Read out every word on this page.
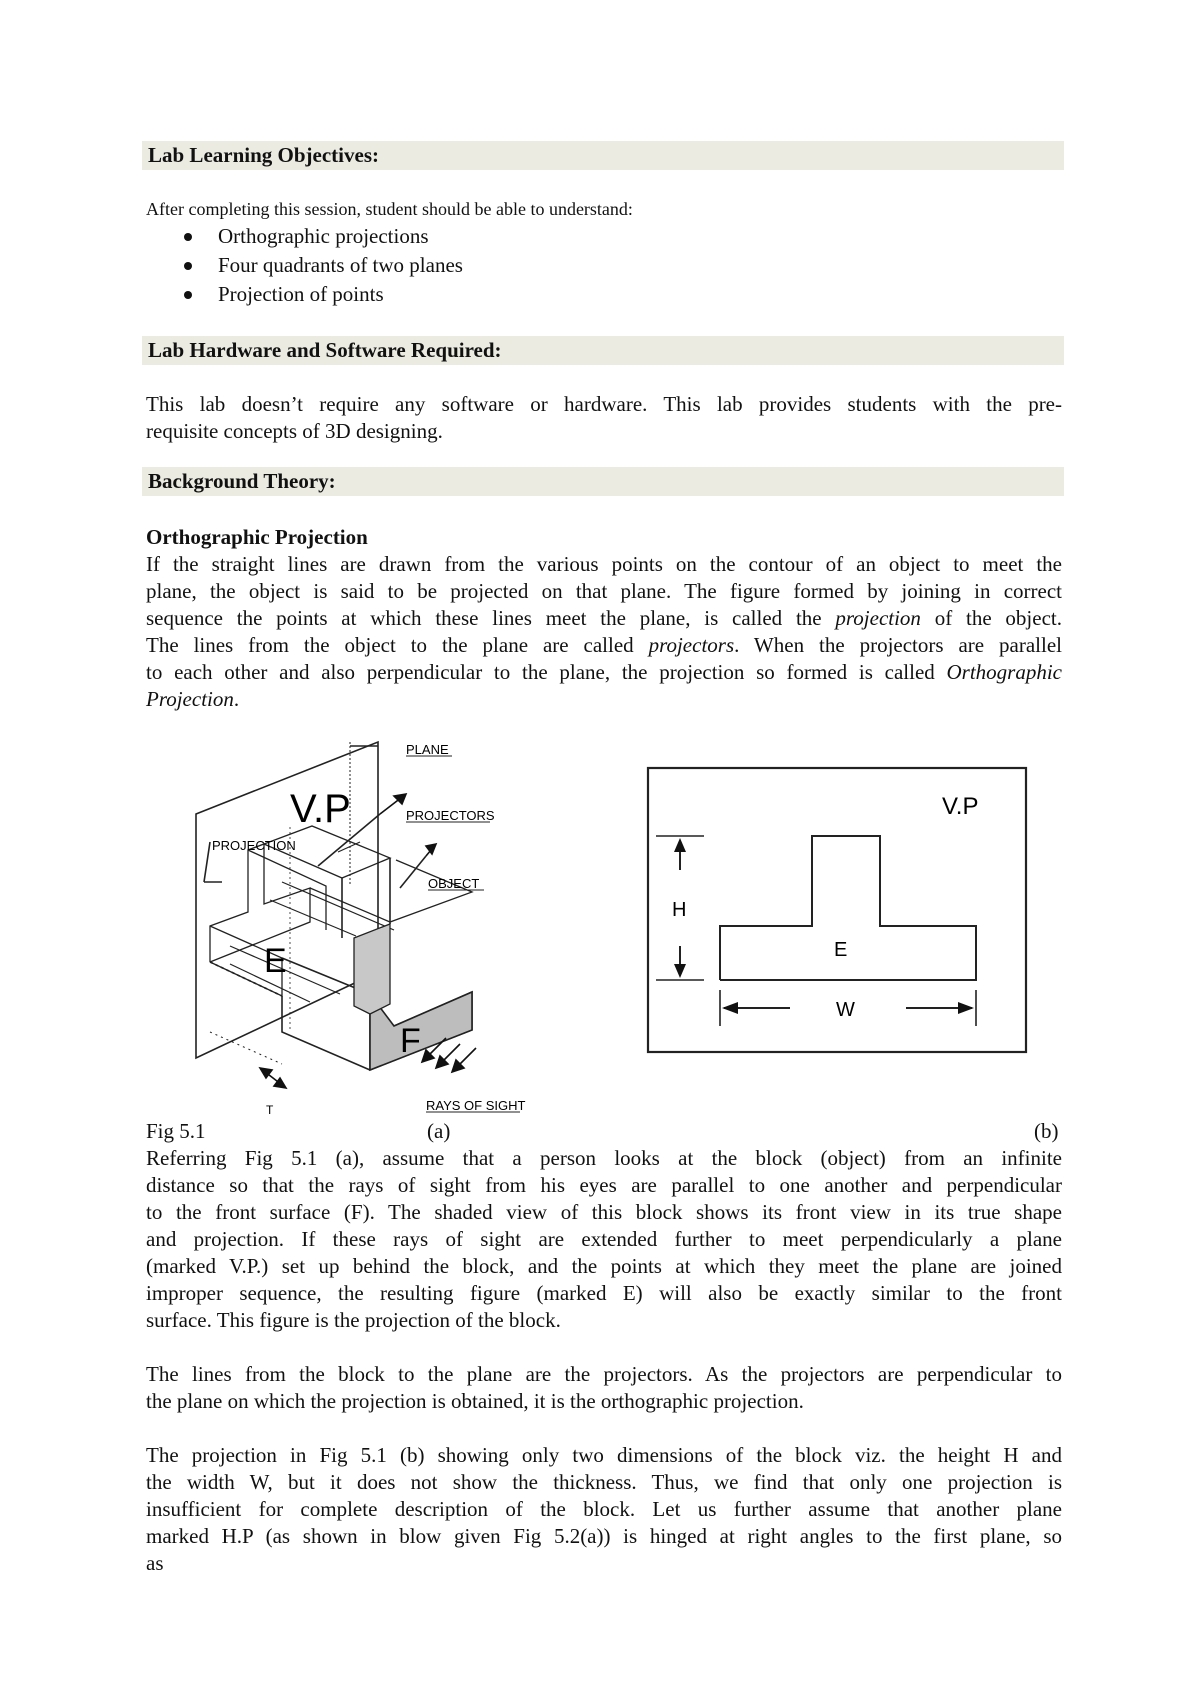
Lab Learning Objectives:
After completing this session, student should be able to understand:
Orthographic projections
Four quadrants of two planes
Projection of points
Lab Hardware and Software Required:
This lab doesn’t require any software or hardware. This lab provides students with the pre-
requisite concepts of 3D designing.
Background Theory:
Orthographic Projection
If the straight lines are drawn from the various points on the contour of an object to meet the
plane, the object is said to be projected on that plane. The figure formed by joining in correct
sequence the points at which these lines meet the plane, is called the projection of the object.
The lines from the object to the plane are called projectors. When the projectors are parallel
to each other and also perpendicular to the plane, the projection so formed is called Orthographic
Projection.
PLANE
V.P	PROJECTORS
PROJECTION
OBJECT
E
F
T	RAYS OF SIGHT
V.P
E
H
W
Fig 5.1	(a)	(b)
Referring Fig 5.1 (a), assume that a person looks at the block (object) from an infinite
distance so that the rays of sight from his eyes are parallel to one another and perpendicular
to the front surface (F). The shaded view of this block shows its front view in its true shape
and projection. If these rays of sight are extended further to meet perpendicularly a plane
(marked V.P.) set up behind the block, and the points at which they meet the plane are joined
improper sequence, the resulting figure (marked E) will also be exactly similar to the front
surface. This figure is the projection of the block.
The lines from the block to the plane are the projectors. As the projectors are perpendicular to
the plane on which the projection is obtained, it is the orthographic projection.
The projection in Fig 5.1 (b) showing only two dimensions of the block viz. the height H and
the width W, but it does not show the thickness. Thus, we find that only one projection is
insufficient for complete description of the block. Let us further assume that another plane
marked H.P (as shown in blow given Fig 5.2(a)) is hinged at right angles to the first plane, so
as
